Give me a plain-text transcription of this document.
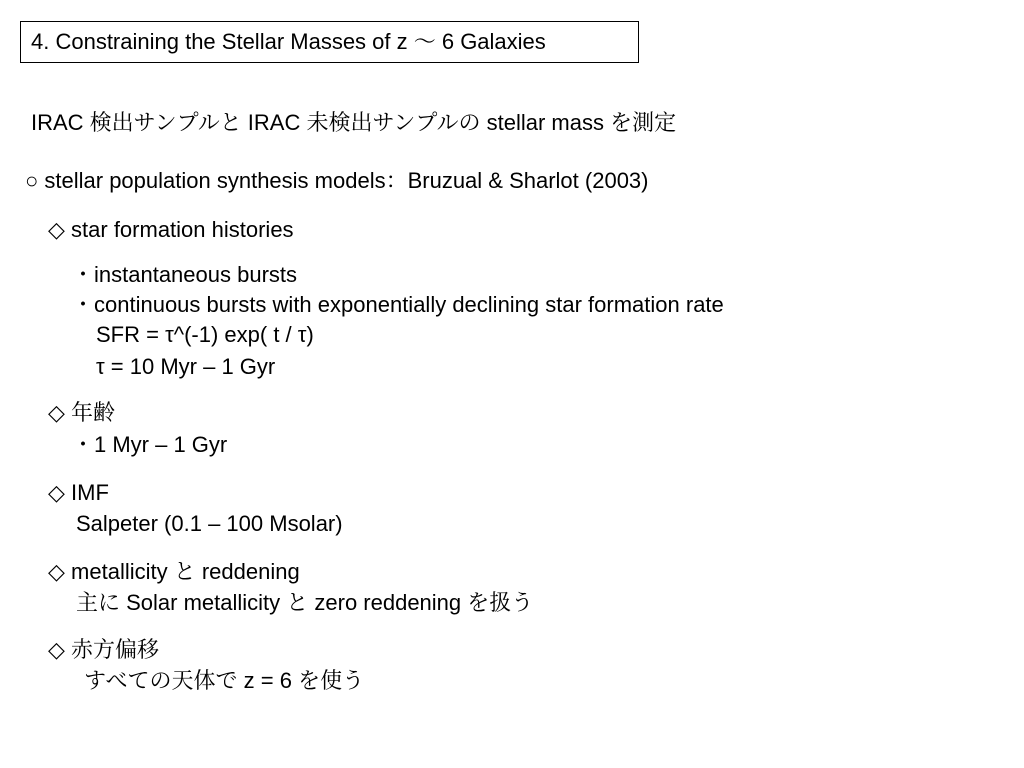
4. Constraining the Stellar Masses of z ～ 6 Galaxies
IRAC 検出サンプルと IRAC 未検出サンプルの stellar mass を測定
○ stellar population synthesis models：Bruzual & Sharlot (2003)
◇ star formation histories
・instantaneous bursts
・continuous bursts with exponentially declining star formation rate
SFR = τ^(-1) exp( t / τ)
τ = 10 Myr – 1 Gyr
◇ 年齢
・1 Myr – 1 Gyr
◇ IMF
Salpeter (0.1 – 100 Msolar)
◇ metallicity と reddening
主に Solar metallicity と zero reddening を扱う
◇ 赤方偏移
すべての天体で z = 6 を使う
